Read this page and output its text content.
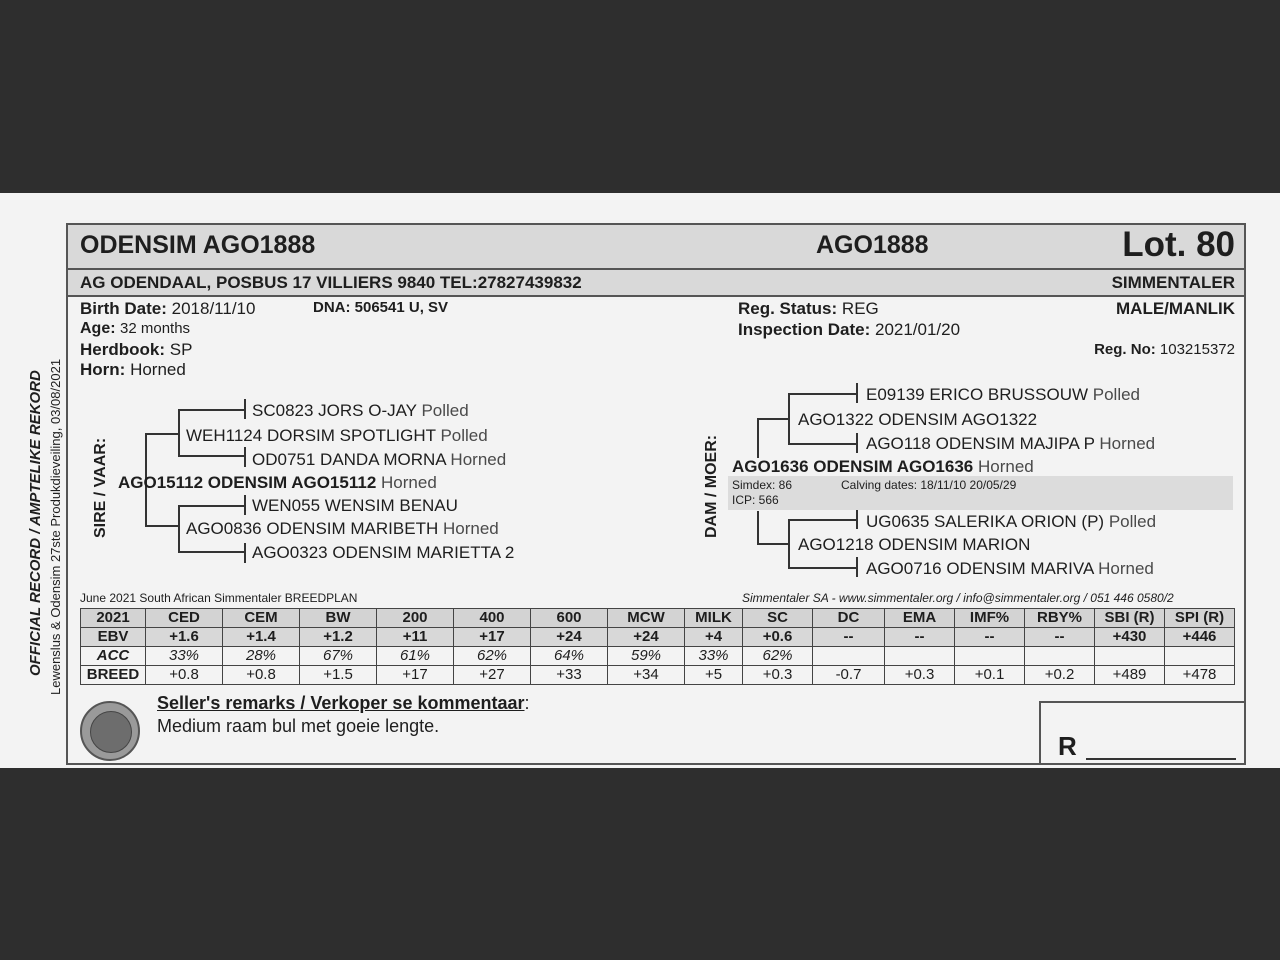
OFFICIAL RECORD / AMPTELIKE REKORD Lewenslus & Odensim 27ste Produkdieveiling, 03/08/2021
ODENSIM AGO1888	AGO1888	Lot. 80
AG ODENDAAL, POSBUS 17 VILLIERS 9840 TEL:27827439832	SIMMENTALER
Birth Date: 2018/11/10	DNA: 506541 U, SV
Age: 32 months
Herdbook: SP
Horn: Horned
Reg. Status: REG
Inspection Date: 2021/01/20
MALE/MANLIK
Reg. No: 103215372
SIRE / VAAR:
SC0823 JORS O-JAY Polled
WEH1124 DORSIM SPOTLIGHT Polled
OD0751 DANDA MORNA Horned
AGO15112 ODENSIM AGO15112 Horned
WEN055 WENSIM BENAU
AGO0836 ODENSIM MARIBETH Horned
AGO0323 ODENSIM MARIETTA 2
DAM / MOER:
E09139 ERICO BRUSSOUW Polled
AGO1322 ODENSIM AGO1322
AGO118 ODENSIM MAJIPA P Horned
AGO1636 ODENSIM AGO1636 Horned
Simdex: 86	Calving dates: 18/11/10 20/05/29
ICP: 566
UG0635 SALERIKA ORION (P) Polled
AGO1218 ODENSIM MARION
AGO0716 ODENSIM MARIVA Horned
June 2021 South African Simmentaler BREEDPLAN	Simmentaler SA - www.simmentaler.org / info@simmentaler.org / 051 446 0580/2
2021	CED	CEM	BW	200	400	600	MCW	MILK	SC	DC	EMA	IMF%	RBY%	SBI (R)	SPI (R)
EBV	+1.6	+1.4	+1.2	+11	+17	+24	+24	+4	+0.6	--	--	--	--	+430	+446
ACC	33%	28%	67%	61%	62%	64%	59%	33%	62%						
BREED	+0.8	+0.8	+1.5	+17	+27	+33	+34	+5	+0.3	-0.7	+0.3	+0.1	+0.2	+489	+478
Seller's remarks / Verkoper se kommentaar:
Medium raam bul met goeie lengte.
R
